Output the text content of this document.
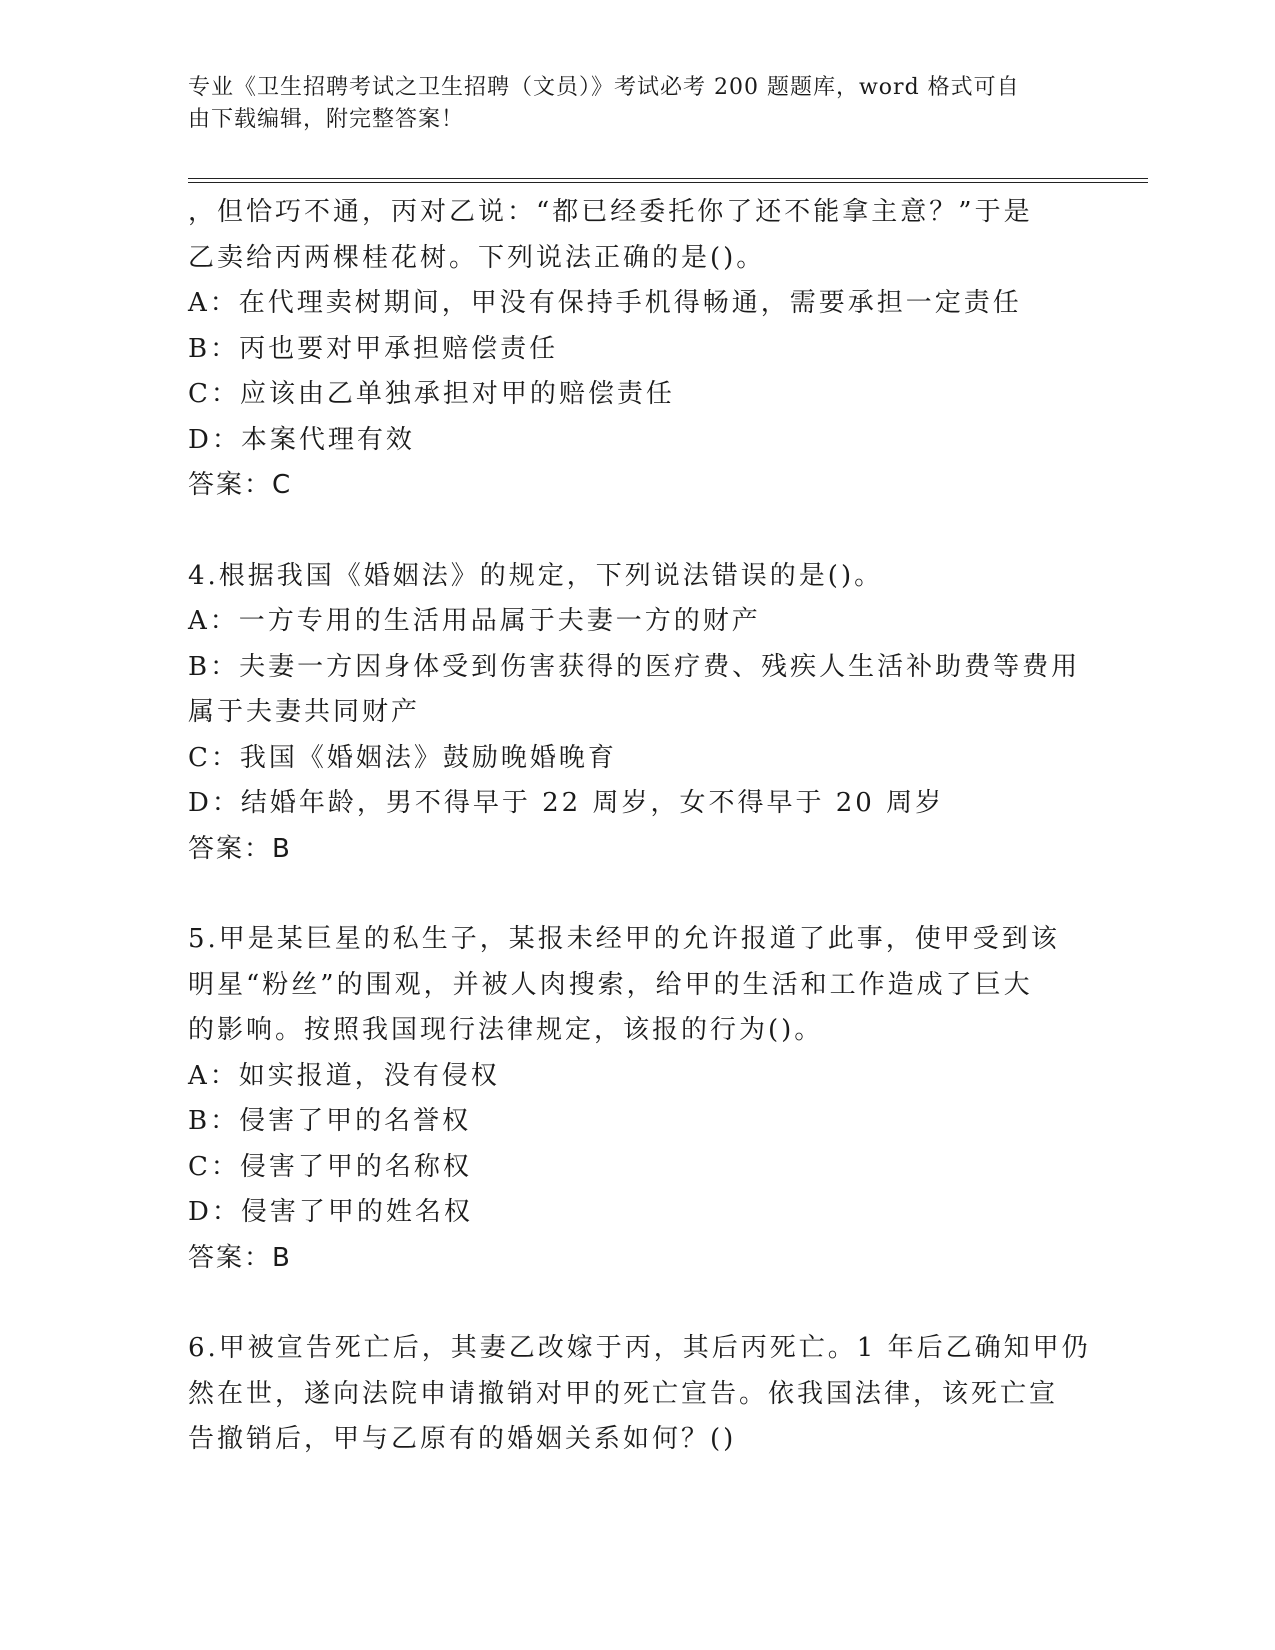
专业《卫生招聘考试之卫生招聘（文员）》考试必考 200 题题库，word 格式可自
由下载编辑，附完整答案！
，但恰巧不通，丙对乙说：“都已经委托你了还不能拿主意？”于是
乙卖给丙两棵桂花树。下列说法正确的是()。
A：在代理卖树期间，甲没有保持手机得畅通，需要承担一定责任
B：丙也要对甲承担赔偿责任
C：应该由乙单独承担对甲的赔偿责任
D：本案代理有效
答案：C
4.根据我国《婚姻法》的规定，下列说法错误的是()。
A：一方专用的生活用品属于夫妻一方的财产
B：夫妻一方因身体受到伤害获得的医疗费、残疾人生活补助费等费用
属于夫妻共同财产
C：我国《婚姻法》鼓励晚婚晚育
D：结婚年龄，男不得早于 22 周岁，女不得早于 20 周岁
答案：B
5.甲是某巨星的私生子，某报未经甲的允许报道了此事，使甲受到该
明星“粉丝”的围观，并被人肉搜索，给甲的生活和工作造成了巨大
的影响。按照我国现行法律规定，该报的行为()。
A：如实报道，没有侵权
B：侵害了甲的名誉权
C：侵害了甲的名称权
D：侵害了甲的姓名权
答案：B
6.甲被宣告死亡后，其妻乙改嫁于丙，其后丙死亡。1 年后乙确知甲仍
然在世，遂向法院申请撤销对甲的死亡宣告。依我国法律，该死亡宣
告撤销后，甲与乙原有的婚姻关系如何？()
